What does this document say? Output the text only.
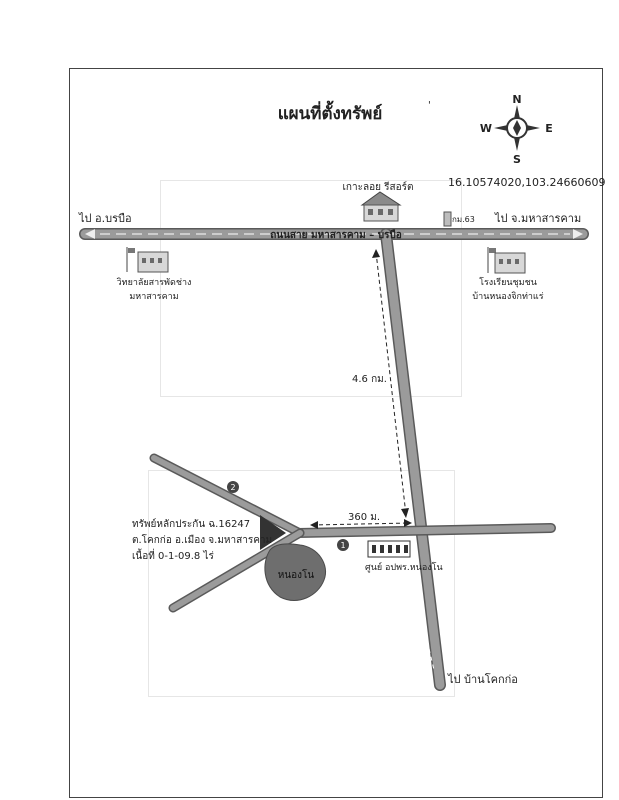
แผนที่ตั้งทรัพย์	'	N
S
W	E
16.10574020,103.24660609
ไป อ.บรบือ	ไป จ.มหาสารคาม
ถนนสาย มหาสารคาม – บรบือ
เกาะลอย รีสอร์ต
กม.63
วิทยาลัยสารพัดช่าง
มหาสารคาม
โรงเรียนชุมชน
บ้านหนองจิกท่าแร่
4.6 กม.
360 ม.
หนองโน
ทรัพย์หลักประกัน ฉ.16247
ต.โคกก่อ อ.เมือง จ.มหาสารคาม
เนื้อที่ 0-1-09.8 ไร่
2
1
ศูนย์ อปพร.หนองโน
ไป บ้านโคกก่อ
